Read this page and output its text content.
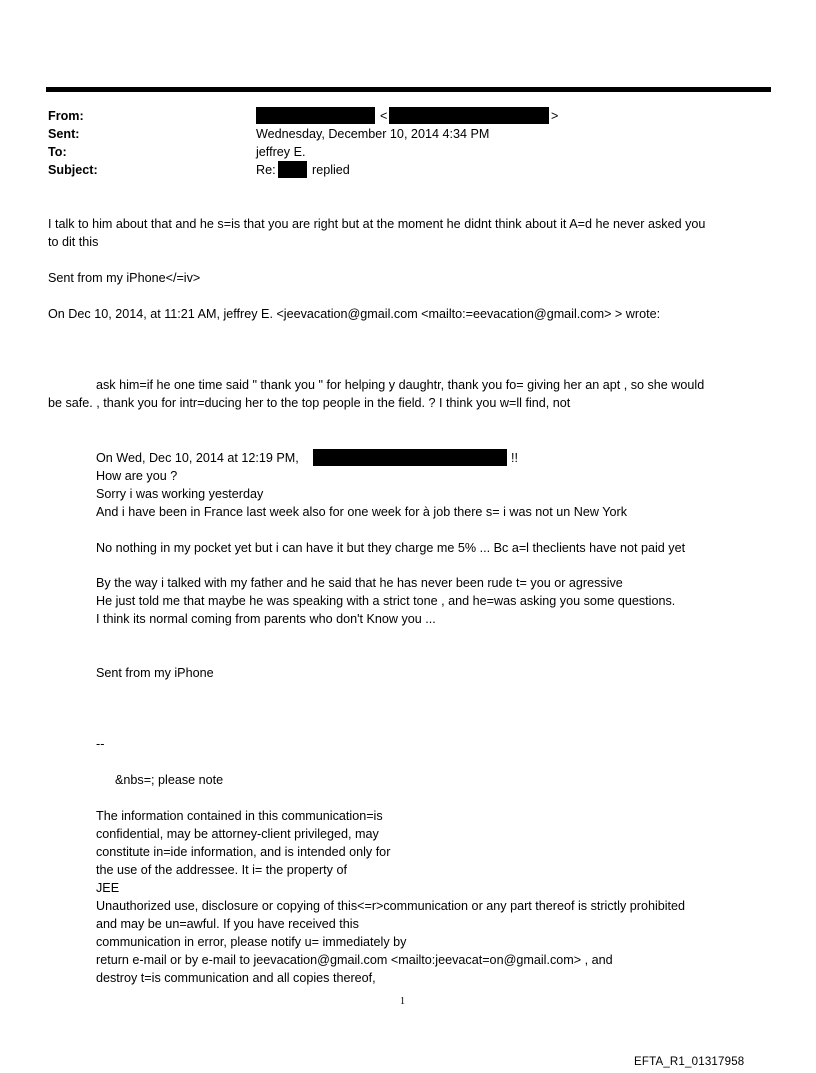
From:	<	>
Sent:	Wednesday, December 10, 2014 4:34 PM
To:	jeffrey E.
Subject:	Re:	replied
I talk to him about that and he s=is that you are right but at the moment he didnt think about it A=d he never asked you
to dit this
Sent from my iPhone</=iv>
On Dec 10, 2014, at 11:21 AM, jeffrey E. <jeevacation@gmail.com <mailto:=eevacation@gmail.com> > wrote:
ask him=if he one time said " thank you " for helping y daughtr, thank you fo= giving her an apt , so she would
be safe. , thank you for intr=ducing her to the top people in the field. ? I think you w=ll find, not
On Wed, Dec 10, 2014 at 12:19 PM,	!!
How are you ?
Sorry i was working yesterday
And i have been in France last week also for one week for à job there s= i was not un New York
No nothing in my pocket yet but i can have it but they charge me 5% ... Bc a=l theclients have not paid yet
By the way i talked with my father and he said that he has never been rude t= you or agressive
He just told me that maybe he was speaking with a strict tone , and he=was asking you some questions.
I think its normal coming from parents who don't Know you ...
Sent from my iPhone
--
&nbs=; please note
The information contained in this communication=is
confidential, may be attorney-client privileged, may
constitute in=ide information, and is intended only for
the use of the addressee. It i= the property of
JEE
Unauthorized use, disclosure or copying of this<=r>communication or any part thereof is strictly prohibited
and may be un=awful. If you have received this
communication in error, please notify u= immediately by
return e-mail or by e-mail to jeevacation@gmail.com <mailto:jeevacat=on@gmail.com> , and
destroy t=is communication and all copies thereof,
1
EFTA_R1_01317958
